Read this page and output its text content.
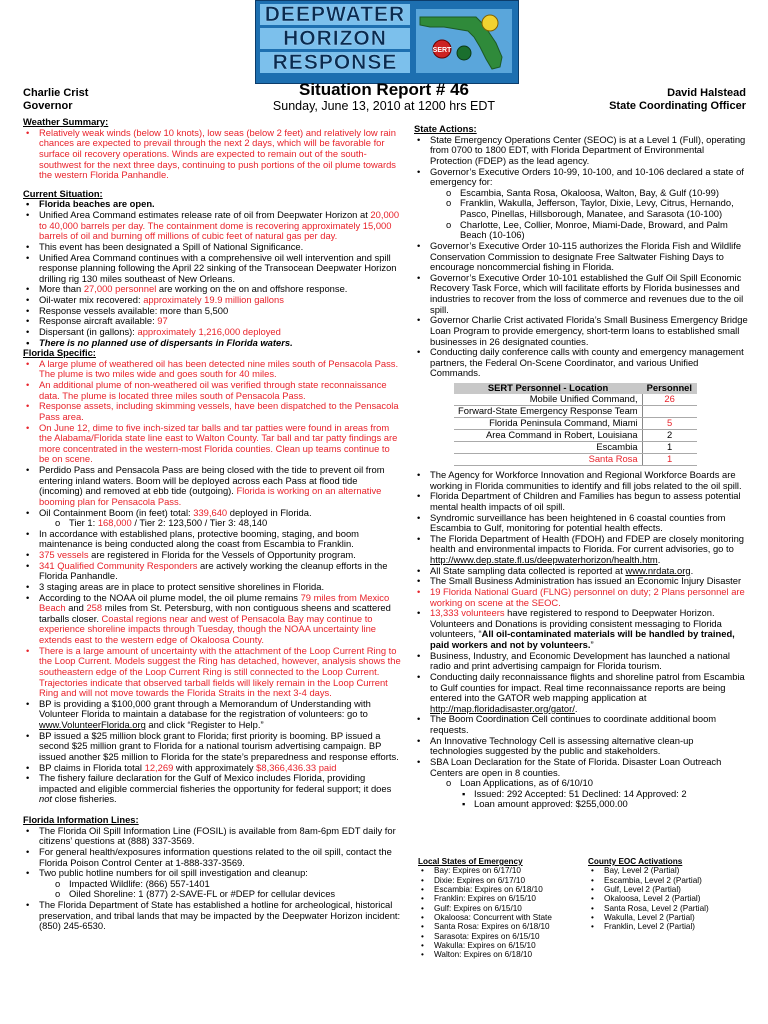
DEEPWATER
HORIZON
RESPONSE
SERT
Charlie Crist
Governor
Situation Report # 46
Sunday, June 13, 2010 at 1200 hrs EDT
David Halstead
State Coordinating Officer

Weather Summary:

• Relatively weak winds (below 10 knots), low seas (below 2 feet) and relatively low rain chances are expected to prevail through the next 2 days, which will be favorable for surface oil recovery operations. Winds are expected to remain out of the south-southwest for the next three days, continuing to push portions of the oil plume towards the western Florida Panhandle.

Current Situation:

• Florida beaches are open.
• Unified Area Command estimates release rate of oil from Deepwater Horizon at 20,000 to 40,000 barrels per day. The containment dome is recovering approximately 15,000 barrels of oil and burning off millions of cubic feet of natural gas per day.
• This event has been designated a Spill of National Significance.
• Unified Area Command continues with a comprehensive oil well intervention and spill response planning following the April 22 sinking of the Transocean Deepwater Horizon drilling rig 130 miles southeast of New Orleans.
• More than 27,000 personnel are working on the on and offshore response.
• Oil-water mix recovered: approximately 19.9 million gallons
• Response vessels available: more than 5,500
• Response aircraft available: 97
• Dispersant (in gallons): approximately 1,216,000 deployed
• There is no planned use of dispersants in Florida waters.

Florida Specific:

• A large plume of weathered oil has been detected nine miles south of Pensacola Pass. The plume is two miles wide and goes south for 40 miles.
• An additional plume of non-weathered oil was verified through state reconnaissance data. The plume is located three miles south of Pensacola Pass.
• Response assets, including skimming vessels, have been dispatched to the Pensacola Pass area.
• On June 12, dime to five inch-sized tar balls and tar patties were found in areas from the Alabama/Florida state line east to Walton County. Tar ball and tar patty findings are more concentrated in the western-most Florida counties. Clean up teams continue to be on scene.
• Perdido Pass and Pensacola Pass are being closed with the tide to prevent oil from entering inland waters. Boom will be deployed across each Pass at flood tide (incoming) and removed at ebb tide (outgoing). Florida is working on an alternative booming plan for Pensacola Pass.
• Oil Containment Boom (in feet) total: 339,640 deployed in Florida.
o Tier 1: 168,000 / Tier 2: 123,500 / Tier 3: 48,140
• In accordance with established plans, protective booming, staging, and boom maintenance is being conducted along the coast from Escambia to Franklin.
• 375 vessels are registered in Florida for the Vessels of Opportunity program.
• 341 Qualified Community Responders are actively working the cleanup efforts in the Florida Panhandle.
• 3 staging areas are in place to protect sensitive shorelines in Florida.
• According to the NOAA oil plume model, the oil plume remains 79 miles from Mexico Beach and 258 miles from St. Petersburg, with non contiguous sheens and scattered tarballs closer. Coastal regions near and west of Pensacola Bay may continue to experience shoreline impacts through Tuesday, though the NOAA uncertainty line extends east to the western edge of Okaloosa County.
• There is a large amount of uncertainty with the attachment of the Loop Current Ring to the Loop Current. Models suggest the Ring has detached, however, analysis shows the southeastern edge of the Loop Current Ring is still connected to the Loop Current. Trajectories indicate that observed tarball fields will likely remain in the Loop Current Ring and will not move towards the Florida Straits in the next 3-4 days.
• BP is providing a $100,000 grant through a Memorandum of Understanding with Volunteer Florida to maintain a database for the registration of volunteers: go to www.VolunteerFlorida.org and click “Register to Help.”
• BP issued a $25 million block grant to Florida; first priority is booming. BP issued a second $25 million grant to Florida for a national tourism advertising campaign. BP issued another $25 million to Florida for the state’s preparedness and response efforts.
• BP claims in Florida total 12,269 with approximately $8,366,436.33 paid
• The fishery failure declaration for the Gulf of Mexico includes Florida, providing impacted and eligible commercial fisheries the opportunity for federal support; it does not close fisheries.

Florida Information Lines:

• The Florida Oil Spill Information Line (FOSIL) is available from 8am-6pm EDT daily for citizens’ questions at (888) 337-3569.
• For general health/exposures information questions related to the oil spill, contact the Florida Poison Control Center at 1-888-337-3569.
• Two public hotline numbers for oil spill investigation and cleanup:
o Impacted Wildlife: (866) 557-1401
o Oiled Shoreline: 1 (877) 2-SAVE-FL or #DEP for cellular devices
• The Florida Department of State has established a hotline for archeological, historical preservation, and tribal lands that may be impacted by the Deepwater Horizon incident: (850) 245-6530.

State Actions:

• State Emergency Operations Center (SEOC) is at a Level 1 (Full), operating from 0700 to 1800 EDT, with Florida Department of Environmental Protection (FDEP) as the lead agency.
• Governor’s Executive Orders 10-99, 10-100, and 10-106 declared a state of emergency for:
o Escambia, Santa Rosa, Okaloosa, Walton, Bay, & Gulf (10-99)
o Franklin, Wakulla, Jefferson, Taylor, Dixie, Levy, Citrus, Hernando, Pasco, Pinellas, Hillsborough, Manatee, and Sarasota (10-100)
o Charlotte, Lee, Collier, Monroe, Miami-Dade, Broward, and Palm Beach (10-106)
• Governor’s Executive Order 10-115 authorizes the Florida Fish and Wildlife Conservation Commission to designate Free Saltwater Fishing Days to encourage noncommercial fishing in Florida.
• Governor’s Executive Order 10-101 established the Gulf Oil Spill Economic Recovery Task Force, which will facilitate efforts by Florida businesses and industries to recover from the loss of commerce and revenues due to the oil spill.
• Governor Charlie Crist activated Florida’s Small Business Emergency Bridge Loan Program to provide emergency, short-term loans to established small businesses in 26 designated counties.
• Conducting daily conference calls with county and emergency management partners, the Federal On-Scene Coordinator, and various Unified Commands.
SERT Personnel - Location	Personnel
Mobile Unified Command,	26
Forward-State Emergency Response Team	
Florida Peninsula Command, Miami	5
Area Command in Robert, Louisiana	2
Escambia	1
Santa Rosa	1
• The Agency for Workforce Innovation and Regional Workforce Boards are working in Florida communities to identify and fill jobs related to the oil spill.
• Florida Department of Children and Families has begun to assess potential mental health impacts of oil spill.
• Syndromic surveillance has been heightened in 6 coastal counties from Escambia to Gulf, monitoring for potential health effects.
• The Florida Department of Health (FDOH) and FDEP are closely monitoring health and environmental impacts to Florida. For current advisories, go to http://www.dep.state.fl.us/deepwaterhorizon/health.htm.
• All State sampling data collected is reported at www.nrdata.org.
• The Small Business Administration has issued an Economic Injury Disaster
• 19 Florida National Guard (FLNG) personnel on duty; 2 Plans personnel are working on scene at the SEOC.
• 13,333 volunteers have registered to respond to Deepwater Horizon. Volunteers and Donations is providing consistent messaging to Florida volunteers, “All oil-contaminated materials will be handled by trained, paid workers and not by volunteers.”
• Business, Industry, and Economic Development has launched a national radio and print advertising campaign for Florida tourism.
• Conducting daily reconnaissance flights and shoreline patrol from Escambia to Gulf counties for impact. Real time reconnaissance reports are being entered into the GATOR web mapping application at http://map.floridadisaster.org/gator/.
• The Boom Coordination Cell continues to coordinate additional boom requests.
• An Innovative Technology Cell is assessing alternative clean-up technologies suggested by the public and stakeholders.
• SBA Loan Declaration for the State of Florida. Disaster Loan Outreach Centers are open in 8 counties.
o Loan Applications, as of 6/10/10
▪ Issued: 292 Accepted: 51 Declined: 14 Approved: 2
▪ Loan amount approved: $255,000.00

Local States of Emergency

• Bay: Expires on 6/17/10
• Dixie: Expires on 6/17/10
• Escambia: Expires on 6/18/10
• Franklin: Expires on 6/15/10
• Gulf: Expires on 6/15/10
• Okaloosa: Concurrent with State
• Santa Rosa: Expires on 6/18/10
• Sarasota: Expires on 6/15/10
• Wakulla: Expires on 6/15/10
• Walton: Expires on 6/18/10

County EOC Activations

• Bay, Level 2 (Partial)
• Escambia, Level 2 (Partial)
• Gulf, Level 2 (Partial)
• Okaloosa, Level 2 (Partial)
• Santa Rosa, Level 2 (Partial)
• Wakulla, Level 2 (Partial)
• Franklin, Level 2 (Partial)
